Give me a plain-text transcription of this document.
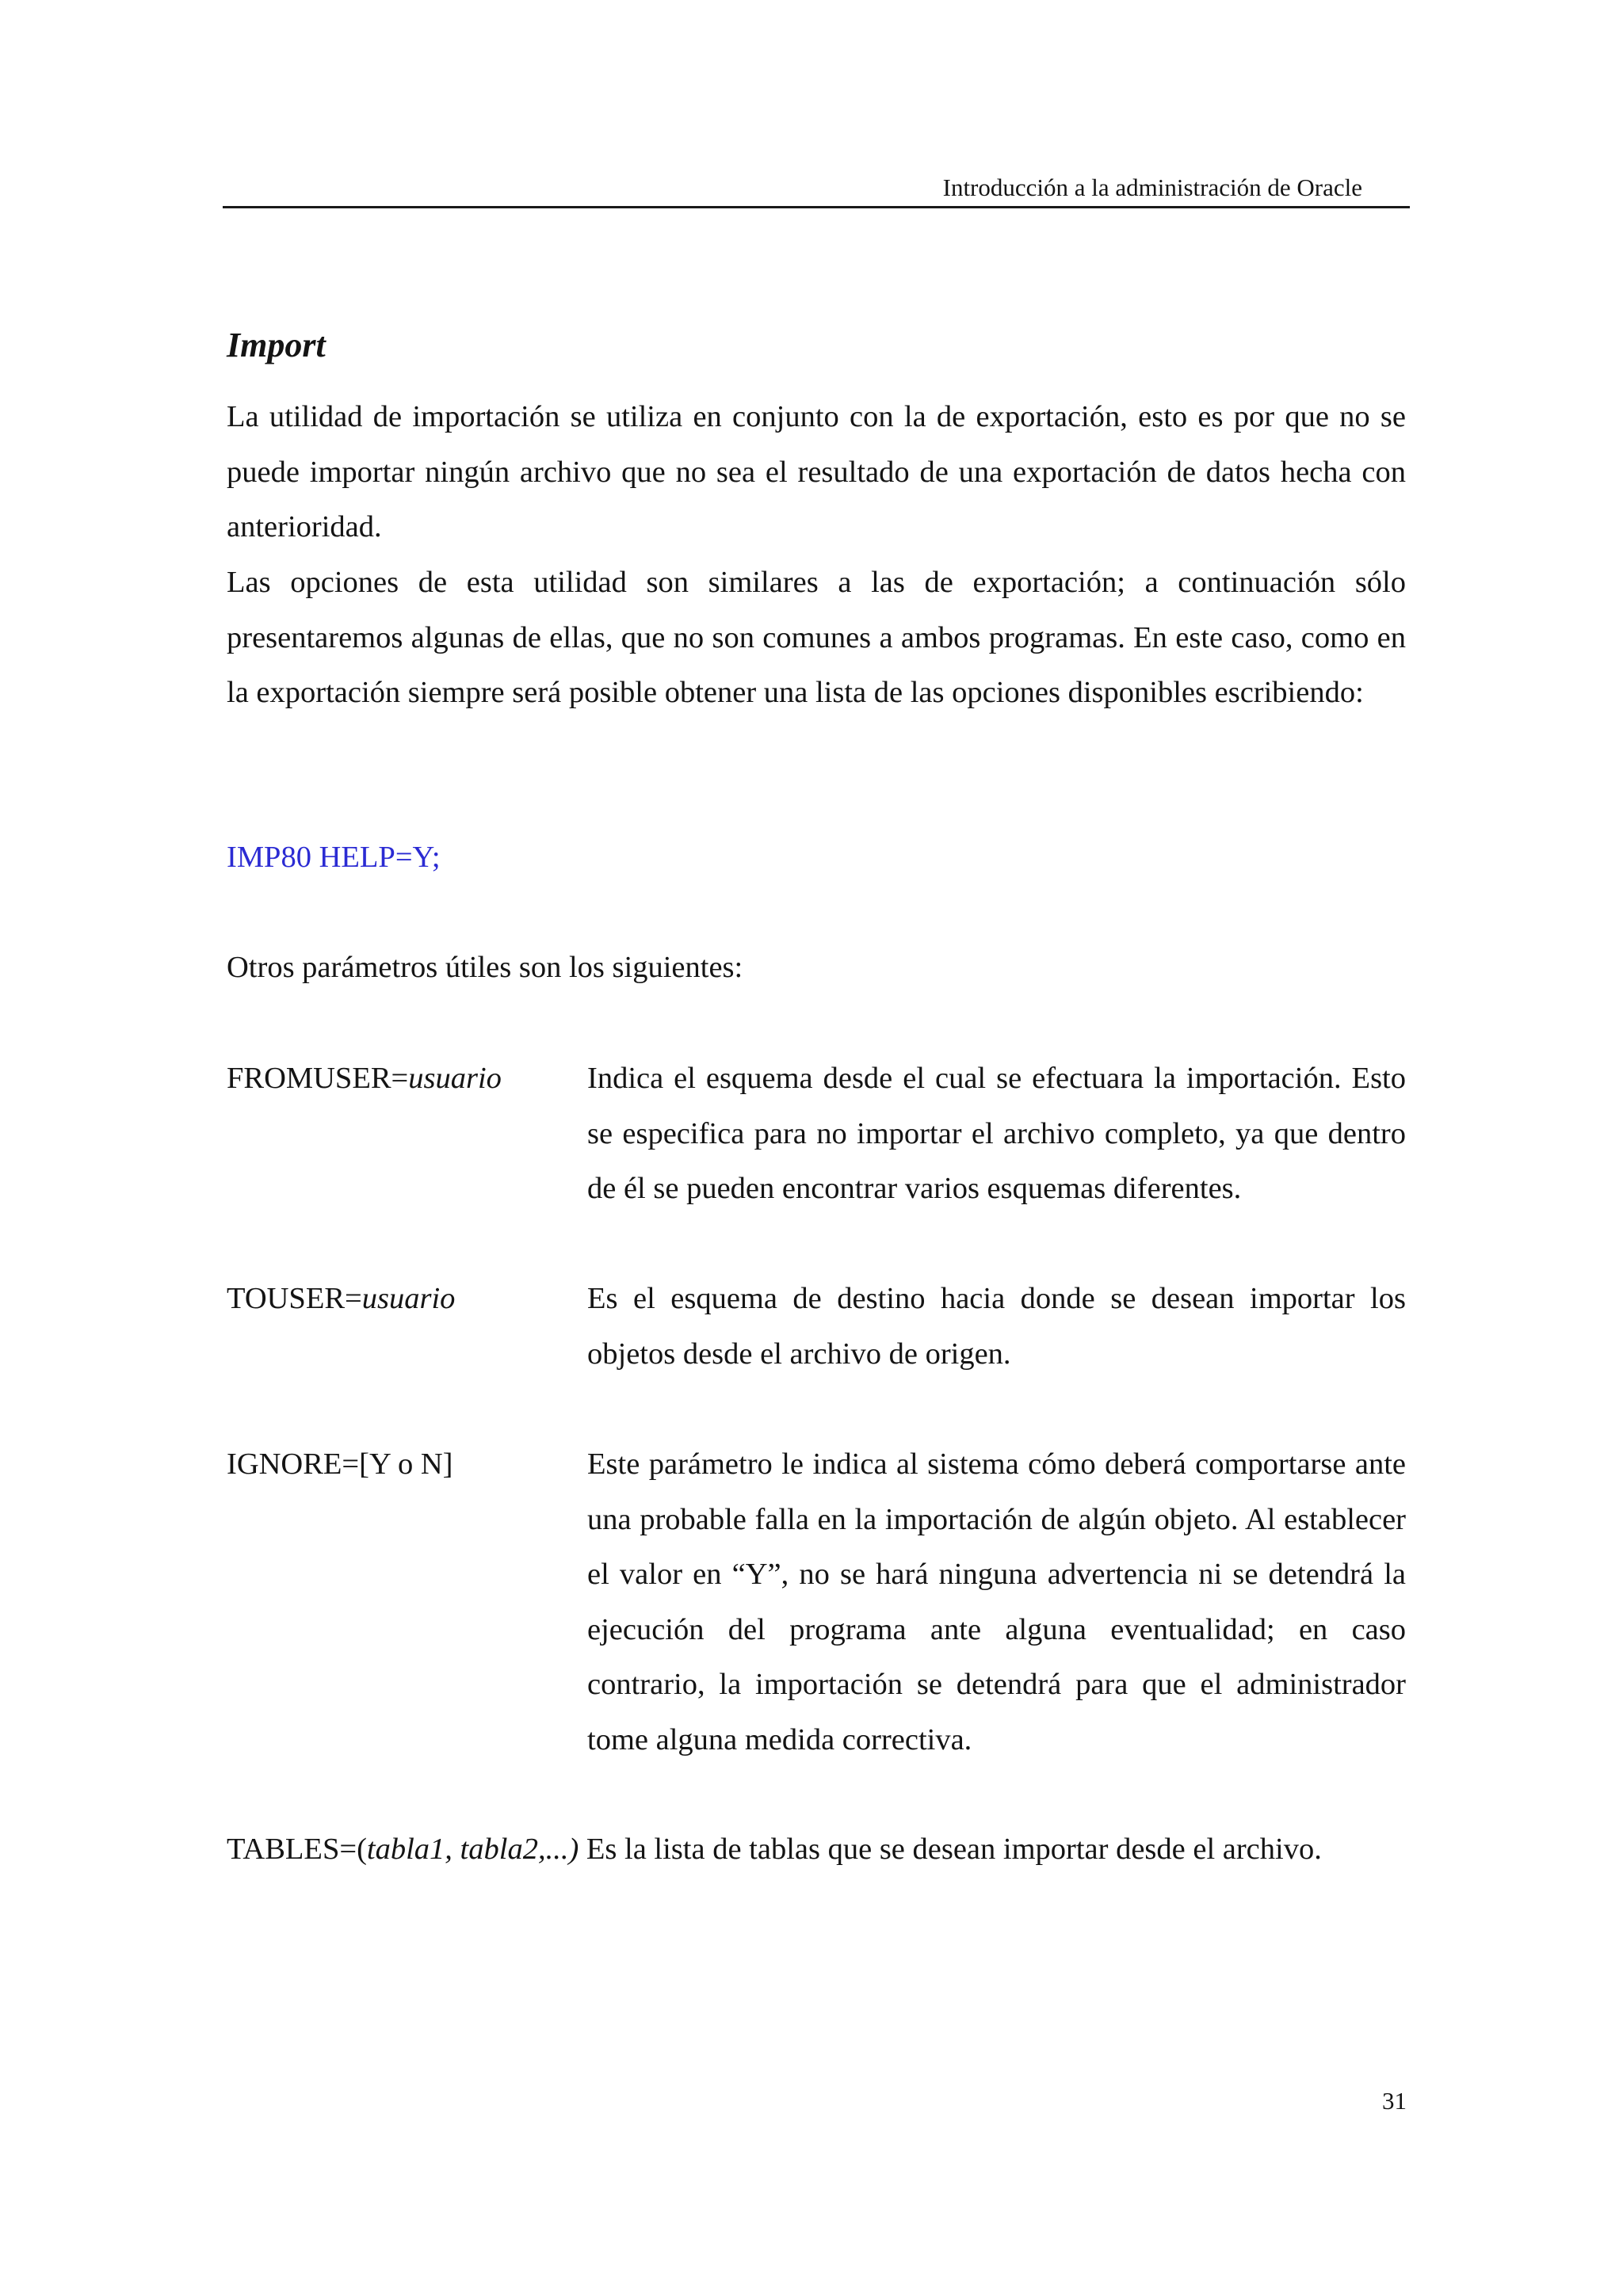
Introducción a la administración de Oracle
Import

La utilidad de importación se utiliza en conjunto con la de exportación, esto es por que no se puede importar ningún archivo que no sea el resultado de una exportación de datos hecha con anterioridad.

Las opciones de esta utilidad son similares a las de exportación; a continuación sólo presentaremos algunas de ellas, que no son comunes a ambos programas. En este caso, como en la exportación siempre será posible obtener una lista de las opciones disponibles escribiendo:

IMP80 HELP=Y;

Otros parámetros útiles son los siguientes:

FROMUSER=usuario	Indica el esquema desde el cual se efectuara la importación. Esto se especifica para no importar el archivo completo, ya que dentro de él se pueden encontrar varios esquemas diferentes.

TOUSER=usuario	Es el esquema de destino hacia donde se desean importar los objetos desde el archivo de origen.

IGNORE=[Y o N]	Este parámetro le indica al sistema cómo deberá comportarse ante una probable falla en la importación de algún objeto. Al establecer el valor en “Y”, no se hará ninguna advertencia ni se detendrá la ejecución del programa ante alguna eventualidad; en caso contrario, la importación se detendrá para que el administrador tome alguna medida correctiva.

TABLES=(tabla1, tabla2,...) Es la lista de tablas que se desean importar desde el archivo.

31
